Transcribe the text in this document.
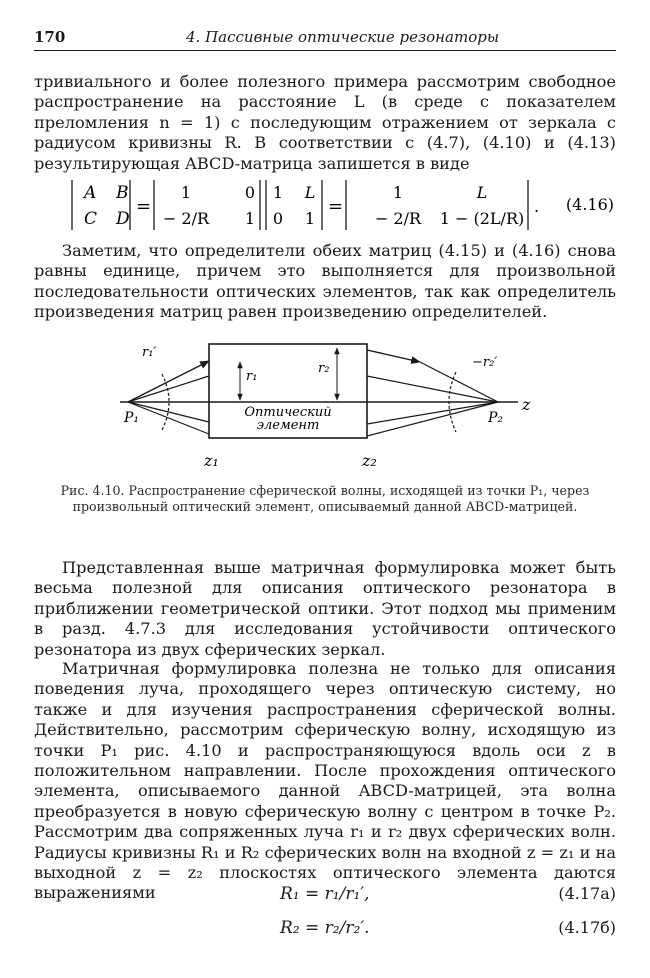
170	4. Пассивные оптические резонаторы

тривиального и более полезного примера рассмотрим свободное распространение на расстояние L (в среде с показателем преломления n = 1) с последующим отражением от зеркала с радиусом кривизны R. В соответствии с (4.7), (4.10) и (4.13) результирующая ABCD-матрица запишется в виде

A B
C D
=
1	0
− 2/R 1
1 L
0 1
=
1	L
− 2/R 1 − (2L/R)
. (4.16)

Заметим, что определители обеих матриц (4.15) и (4.16) снова равны единице, причем это выполняется для произвольной последовательности оптических элементов, так как определитель произведения матриц равен произведению определителей.

Оптический
элемент
r₁
r₂
r₁′
−r₂′
P₁	P₂
z
z₁	z₂

Рис. 4.10. Распространение сферической волны, исходящей из точки P₁, через произвольный оптический элемент, описываемый данной ABCD-матрицей.

Представленная выше матричная формулировка может быть весьма полезной для описания оптического резонатора в приближении геометрической оптики. Этот подход мы применим в разд. 4.7.3 для исследования устойчивости оптического резонатора из двух сферических зеркал.

Матричная формулировка полезна не только для описания поведения луча, проходящего через оптическую систему, но также и для изучения распространения сферической волны. Действительно, рассмотрим сферическую волну, исходящую из точки P₁ рис. 4.10 и распространяющуюся вдоль оси z в положительном направлении. После прохождения оптического элемента, описываемого данной ABCD-матрицей, эта волна преобразуется в новую сферическую волну с центром в точке P₂. Рассмотрим два сопряженных луча r₁ и r₂ двух сферических волн. Радиусы кривизны R₁ и R₂ сферических волн на входной z = z₁ и на выходной z = z₂ плоскостях оптического элемента даются выражениями	R₁ = r₁/r₁′,	(4.17a)
R₂ = r₂/r₂′.	(4.17б)
